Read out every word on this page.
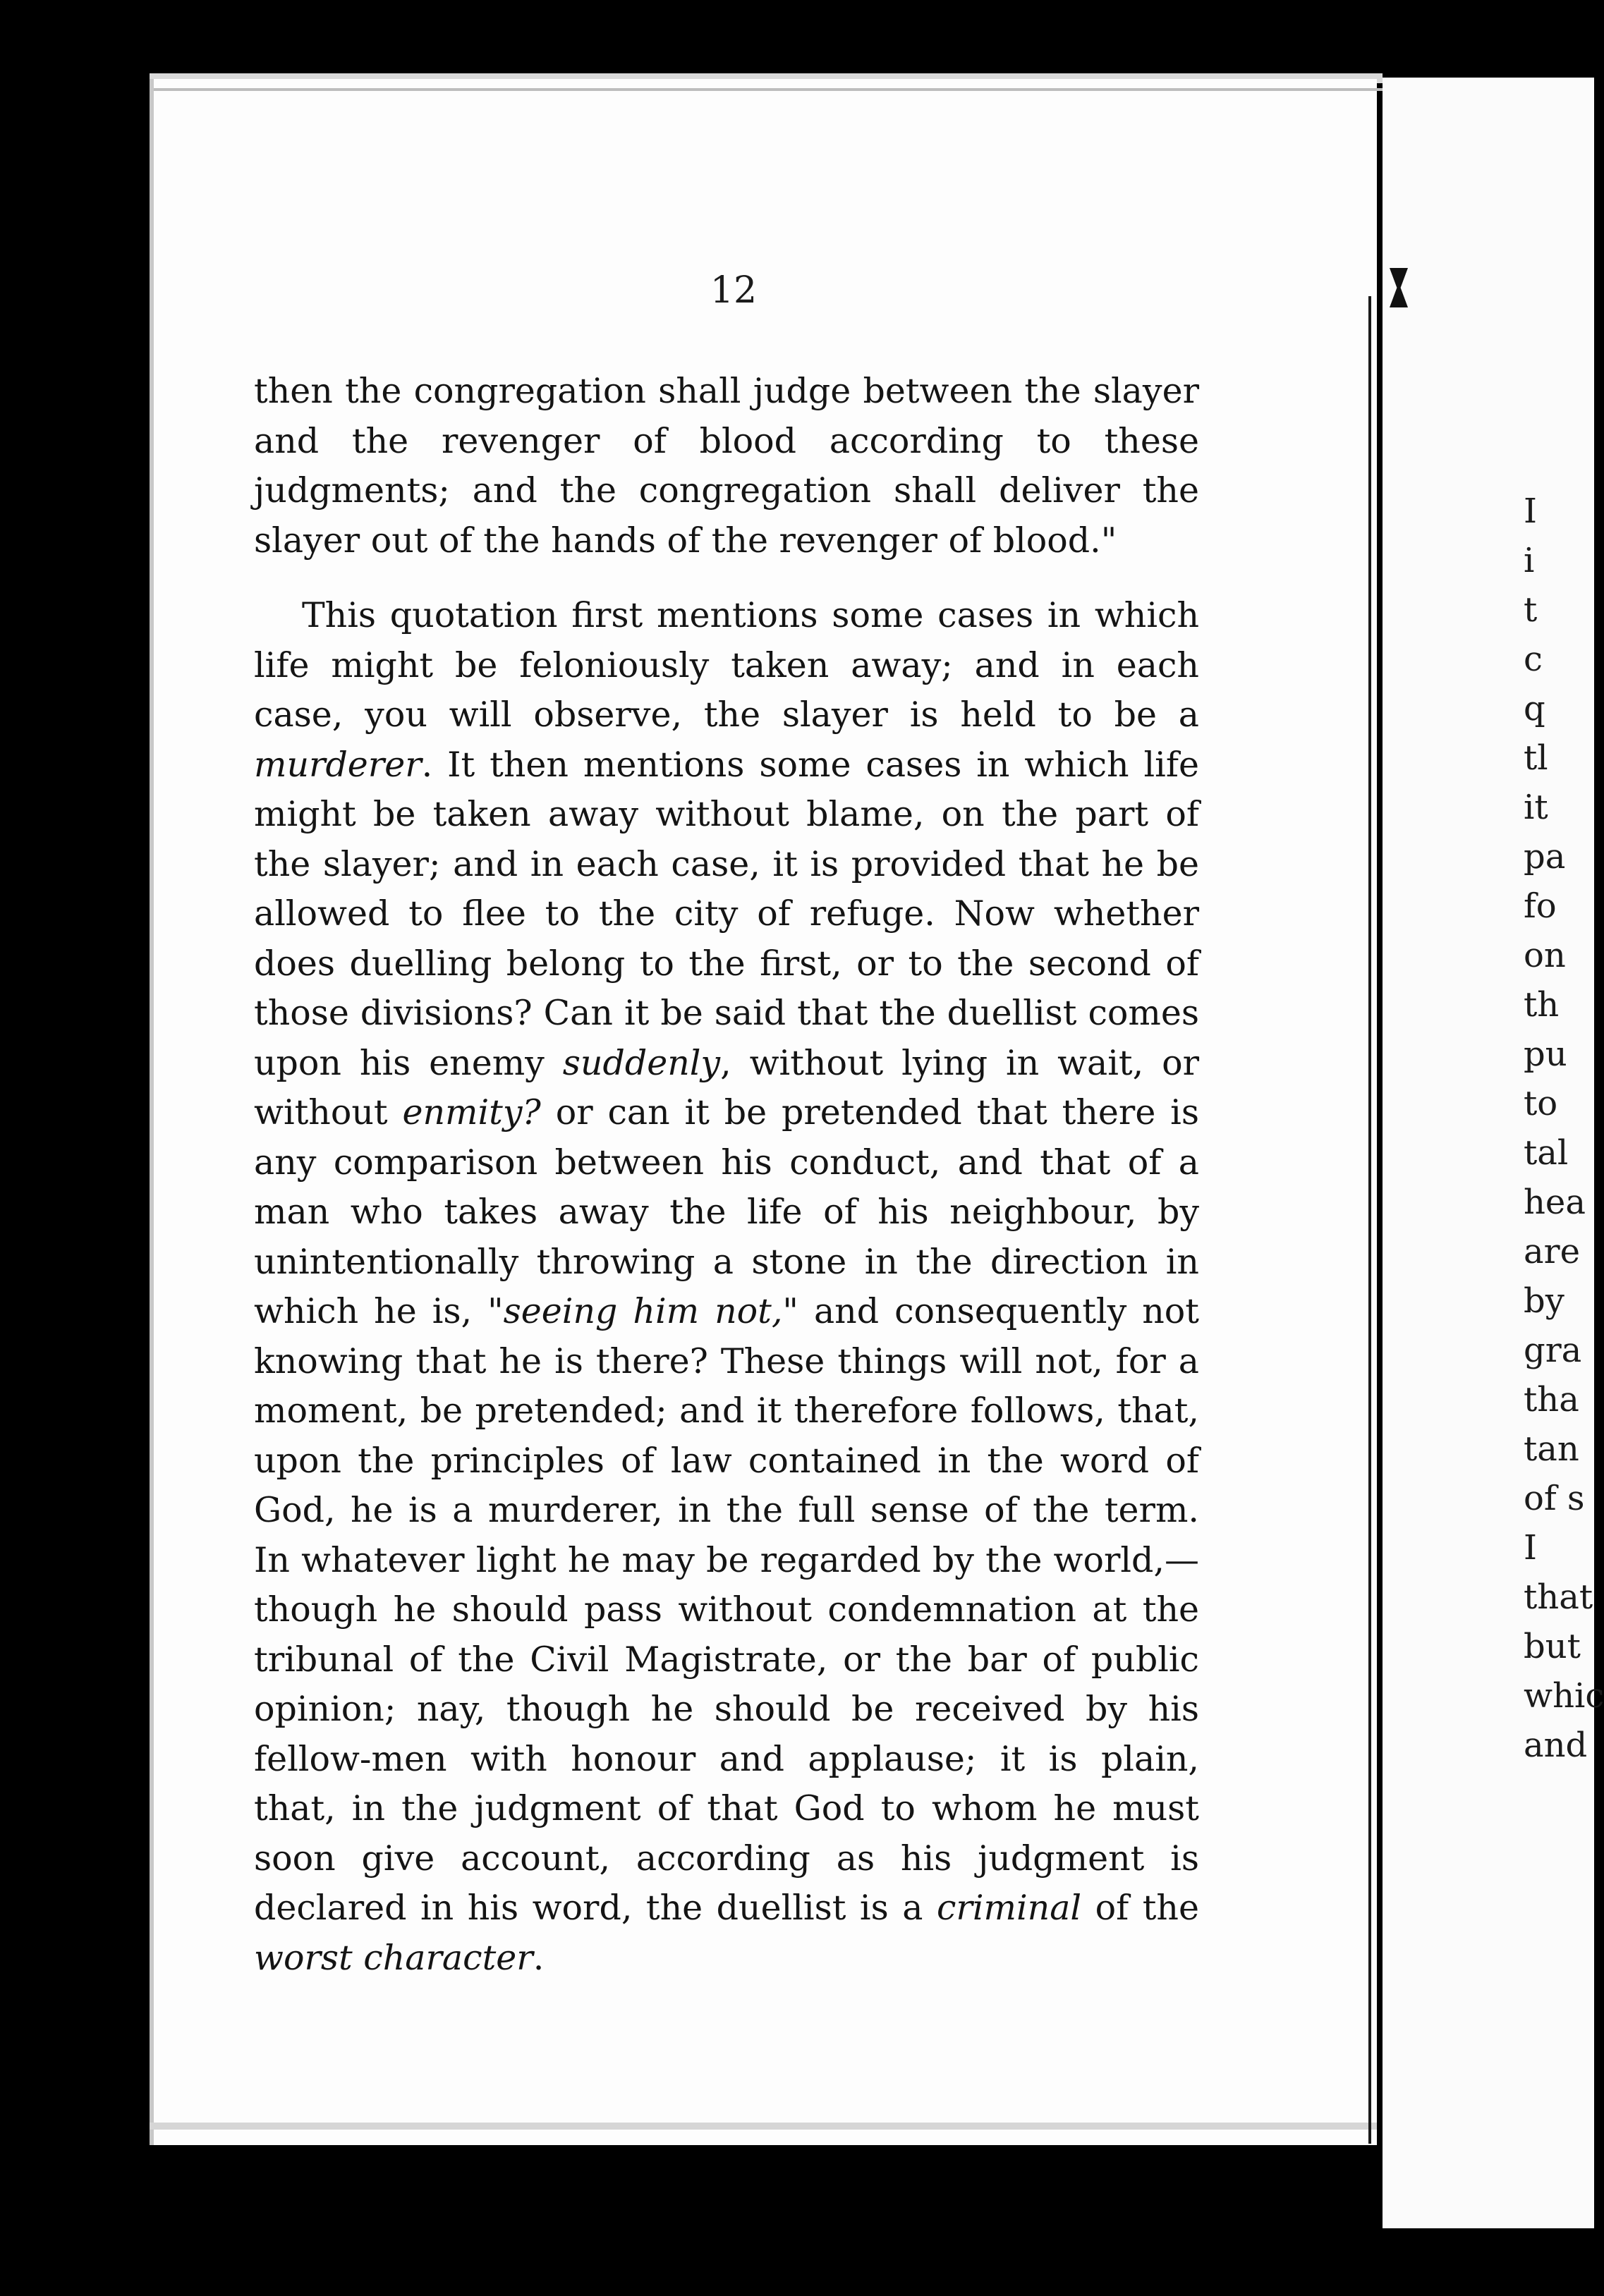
12

then the congregation shall judge between the slayer and the revenger of blood according to these judgments; and the congregation shall deliver the slayer out of the hands of the revenger of blood."

This quotation first mentions some cases in which life might be feloniously taken away; and in each case, you will observe, the slayer is held to be a murderer. It then mentions some cases in which life might be taken away without blame, on the part of the slayer; and in each case, it is provided that he be allowed to flee to the city of refuge. Now whether does duelling belong to the first, or to the second of those divisions? Can it be said that the duellist comes upon his enemy suddenly, without lying in wait, or without enmity? or can it be pretended that there is any comparison between his conduct, and that of a man who takes away the life of his neighbour, by unintentionally throwing a stone in the direction in which he is, "seeing him not," and consequently not knowing that he is there? These things will not, for a moment, be pretended; and it therefore follows, that, upon the principles of law contained in the word of God, he is a murderer, in the full sense of the term. In whatever light he may be regarded by the world,—though he should pass without condemnation at the tribunal of the Civil Magistrate, or the bar of public opinion; nay, though he should be received by his fellow-men with honour and applause; it is plain, that, in the judgment of that God to whom he must soon give account, according as his judgment is declared in his word, the duellist is a criminal of the worst character.

I
i
t
c
q
tl
it
pa
fo
on
th
pu
to
tal
hea
are
by
gra
tha
tan
of s
I
that
but
whic
and
